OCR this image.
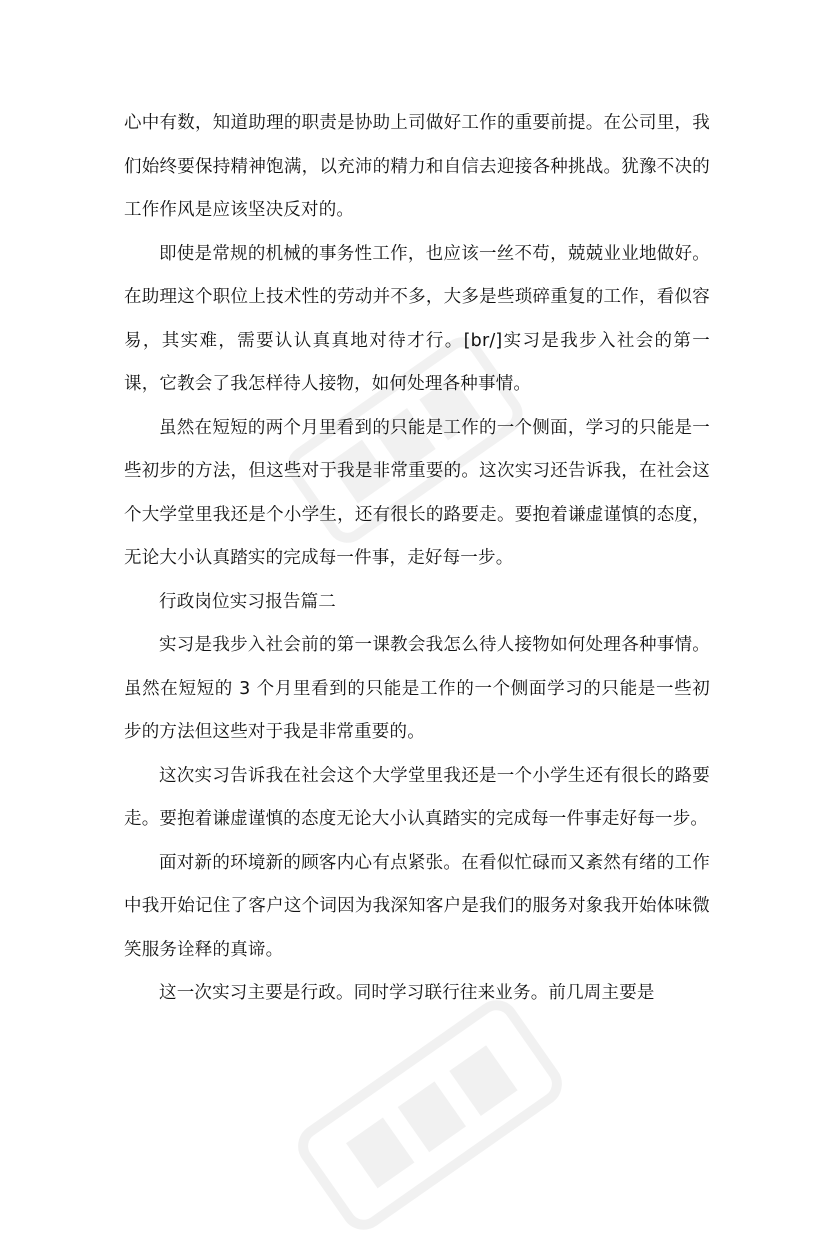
心中有数，知道助理的职责是协助上司做好工作的重要前提。在公司里，我们始终要保持精神饱满，以充沛的精力和自信去迎接各种挑战。犹豫不决的工作作风是应该坚决反对的。

即使是常规的机械的事务性工作，也应该一丝不苟，兢兢业业地做好。在助理这个职位上技术性的劳动并不多，大多是些琐碎重复的工作，看似容易，其实难，需要认认真真地对待才行。[br/]实习是我步入社会的第一课，它教会了我怎样待人接物，如何处理各种事情。

虽然在短短的两个月里看到的只能是工作的一个侧面，学习的只能是一些初步的方法，但这些对于我是非常重要的。这次实习还告诉我，在社会这个大学堂里我还是个小学生，还有很长的路要走。要抱着谦虚谨慎的态度，无论大小认真踏实的完成每一件事，走好每一步。

行政岗位实习报告篇二

实习是我步入社会前的第一课教会我怎么待人接物如何处理各种事情。虽然在短短的 3 个月里看到的只能是工作的一个侧面学习的只能是一些初步的方法但这些对于我是非常重要的。

这次实习告诉我在社会这个大学堂里我还是一个小学生还有很长的路要走。要抱着谦虚谨慎的态度无论大小认真踏实的完成每一件事走好每一步。

面对新的环境新的顾客内心有点紧张。在看似忙碌而又紊然有绪的工作中我开始记住了客户这个词因为我深知客户是我们的服务对象我开始体味微笑服务诠释的真谛。

这一次实习主要是行政。同时学习联行往来业务。前几周主要是
